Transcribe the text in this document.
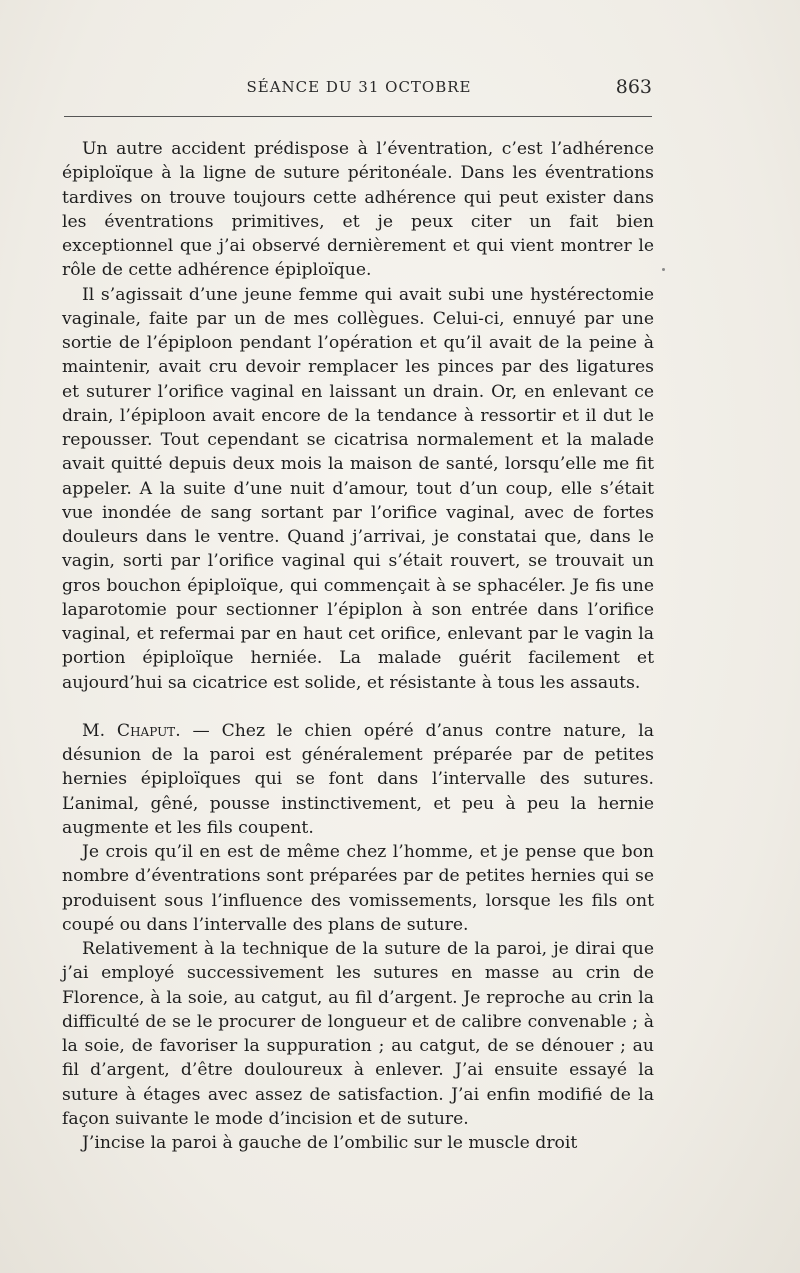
SÉANCE DU 31 OCTOBRE	863

Un autre accident prédispose à l’éventration, c’est l’adhérence épiploïque à la ligne de suture péritonéale. Dans les éventrations tardives on trouve toujours cette adhérence qui peut exister dans les éventrations primitives, et je peux citer un fait bien exceptionnel que j’ai observé dernièrement et qui vient montrer le rôle de cette adhérence épiploïque.

Il s’agissait d’une jeune femme qui avait subi une hystérectomie vaginale, faite par un de mes collègues. Celui-ci, ennuyé par une sortie de l’épiploon pendant l’opération et qu’il avait de la peine à maintenir, avait cru devoir remplacer les pinces par des ligatures et suturer l’orifice vaginal en laissant un drain. Or, en enlevant ce drain, l’épiploon avait encore de la tendance à ressortir et il dut le repousser. Tout cependant se cicatrisa normalement et la malade avait quitté depuis deux mois la maison de santé, lorsqu’elle me fit appeler. A la suite d’une nuit d’amour, tout d’un coup, elle s’était vue inondée de sang sortant par l’orifice vaginal, avec de fortes douleurs dans le ventre. Quand j’arrivai, je constatai que, dans le vagin, sorti par l’orifice vaginal qui s’était rouvert, se trouvait un gros bouchon épiploïque, qui commençait à se sphacéler. Je fis une laparotomie pour sectionner l’épiplon à son entrée dans l’orifice vaginal, et refermai par en haut cet orifice, enlevant par le vagin la portion épiploïque herniée. La malade guérit facilement et aujourd’hui sa cicatrice est solide, et résistante à tous les assauts.

M. Chaput. — Chez le chien opéré d’anus contre nature, la désunion de la paroi est généralement préparée par de petites hernies épiploïques qui se font dans l’intervalle des sutures. L’animal, gêné, pousse instinctivement, et peu à peu la hernie augmente et les fils coupent.

Je crois qu’il en est de même chez l’homme, et je pense que bon nombre d’éventrations sont préparées par de petites hernies qui se produisent sous l’influence des vomissements, lorsque les fils ont coupé ou dans l’intervalle des plans de suture.

Relativement à la technique de la suture de la paroi, je dirai que j’ai employé successivement les sutures en masse au crin de Florence, à la soie, au catgut, au fil d’argent. Je reproche au crin la difficulté de se le procurer de longueur et de calibre convenable ; à la soie, de favoriser la suppuration ; au catgut, de se dénouer ; au fil d’argent, d’être douloureux à enlever. J’ai ensuite essayé la suture à étages avec assez de satisfaction. J’ai enfin modifié de la façon suivante le mode d’incision et de suture.

J’incise la paroi à gauche de l’ombilic sur le muscle droit
